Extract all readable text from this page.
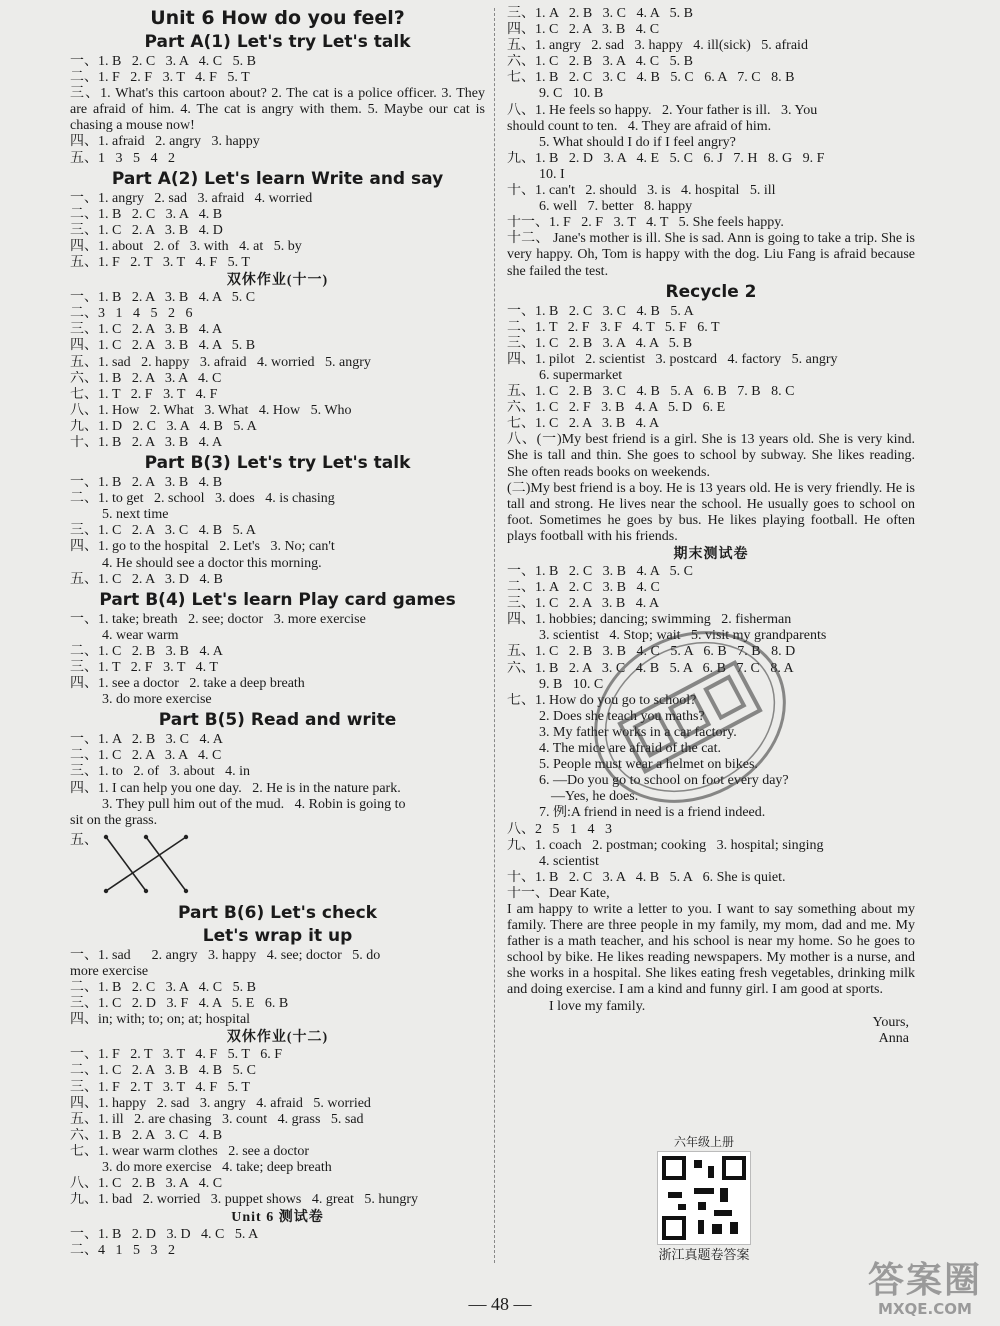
Unit 6 How do you feel?
Part A(1) Let's try Let's talk
一、1. B   2. C   3. A   4. C   5. B
二、1. F   2. F   3. T   4. F   5. T
三、1. What's this cartoon about? 2. The cat is a police officer. 3. They are afraid of him. 4. The cat is angry with them. 5. Maybe our cat is chasing a mouse now!
四、1. afraid   2. angry   3. happy
五、1   3   5   4   2
Part A(2) Let's learn Write and say
一、1. angry   2. sad   3. afraid   4. worried
二、1. B   2. C   3. A   4. B
三、1. C   2. A   3. B   4. D
四、1. about   2. of   3. with   4. at   5. by
五、1. F   2. T   3. T   4. F   5. T
双休作业(十一)
一、1. B   2. A   3. B   4. A   5. C
二、3   1   4   5   2   6
三、1. C   2. A   3. B   4. A
四、1. C   2. A   3. B   4. A   5. B
五、1. sad   2. happy   3. afraid   4. worried   5. angry
六、1. B   2. A   3. A   4. C
七、1. T   2. F   3. T   4. F
八、1. How   2. What   3. What   4. How   5. Who
九、1. D   2. C   3. A   4. B   5. A
十、1. B   2. A   3. B   4. A
Part B(3) Let's try Let's talk
一、1. B   2. A   3. B   4. B
二、1. to get   2. school   3. does   4. is chasing
5. next time
三、1. C   2. A   3. C   4. B   5. A
四、1. go to the hospital   2. Let's   3. No; can't
4. He should see a doctor this morning.
五、1. C   2. A   3. D   4. B
Part B(4) Let's learn Play card games
一、1. take; breath   2. see; doctor   3. more exercise
4. wear warm
二、1. C   2. B   3. B   4. A
三、1. T   2. F   3. T   4. T
四、1. see a doctor   2. take a deep breath
3. do more exercise
Part B(5) Read and write
一、1. A   2. B   3. C   4. A
二、1. C   2. A   3. A   4. C
三、1. to   2. of   3. about   4. in
四、1. I can help you one day.   2. He is in the nature park.
3. They pull him out of the mud.   4. Robin is going to
sit on the grass.
五、
Part B(6) Let's check
Let's wrap it up
一、1. sad      2. angry   3. happy   4. see; doctor   5. do
more exercise
二、1. B   2. C   3. A   4. C   5. B
三、1. C   2. D   3. F   4. A   5. E   6. B
四、in; with; to; on; at; hospital
双休作业(十二)
一、1. F   2. T   3. T   4. F   5. T   6. F
二、1. C   2. A   3. B   4. B   5. C
三、1. F   2. T   3. T   4. F   5. T
四、1. happy   2. sad   3. angry   4. afraid   5. worried
五、1. ill   2. are chasing   3. count   4. grass   5. sad
六、1. B   2. A   3. C   4. B
七、1. wear warm clothes   2. see a doctor
3. do more exercise   4. take; deep breath
八、1. C   2. B   3. A   4. C
九、1. bad   2. worried   3. puppet shows   4. great   5. hungry
Unit 6 测试卷
一、1. B   2. D   3. D   4. C   5. A
二、4   1   5   3   2
三、1. A   2. B   3. C   4. A   5. B
四、1. C   2. A   3. B   4. C
五、1. angry   2. sad   3. happy   4. ill(sick)   5. afraid
六、1. C   2. B   3. A   4. C   5. B
七、1. B   2. C   3. C   4. B   5. C   6. A   7. C   8. B
9. C   10. B
八、1. He feels so happy.   2. Your father is ill.   3. You
should count to ten.   4. They are afraid of him.
5. What should I do if I feel angry?
九、1. B   2. D   3. A   4. E   5. C   6. J   7. H   8. G   9. F
10. I
十、1. can't   2. should   3. is   4. hospital   5. ill
6. well   7. better   8. happy
十一、1. F   2. F   3. T   4. T   5. She feels happy.
十二、 Jane's mother is ill. She is sad. Ann is going to take a trip. She is very happy. Oh, Tom is happy with the dog. Liu Fang is afraid because she failed the test.
Recycle 2
一、1. B   2. C   3. C   4. B   5. A
二、1. T   2. F   3. F   4. T   5. F   6. T
三、1. C   2. B   3. A   4. A   5. B
四、1. pilot   2. scientist   3. postcard   4. factory   5. angry
6. supermarket
五、1. C   2. B   3. C   4. B   5. A   6. B   7. B   8. C
六、1. C   2. F   3. B   4. A   5. D   6. E
七、1. C   2. A   3. B   4. A
八、(一)My best friend is a girl. She is 13 years old. She is very kind. She is tall and thin. She goes to school by subway. She likes reading. She often reads books on weekends.
(二)My best friend is a boy. He is 13 years old. He is very friendly. He is tall and strong. He lives near the school. He usually goes to school on foot. Sometimes he goes by bus. He likes playing football. He often plays football with his friends.
期末测试卷
一、1. B   2. C   3. B   4. A   5. C
二、1. A   2. C   3. B   4. C
三、1. C   2. A   3. B   4. A
四、1. hobbies; dancing; swimming   2. fisherman
3. scientist   4. Stop; wait   5. visit my grandparents
五、1. C   2. B   3. B   4. C   5. A   6. B   7. B   8. D
六、1. B   2. A   3. C   4. B   5. A   6. B   7. C   8. A
9. B   10. C
七、1. How do you go to school?
2. Does she teach you maths?
3. My father works in a car factory.
4. The mice are afraid of the cat.
5. People must wear a helmet on bikes.
6. —Do you go to school on foot every day?
—Yes, he does.
7. 例:A friend in need is a friend indeed.
八、2   5   1   4   3
九、1. coach   2. postman; cooking   3. hospital; singing
4. scientist
十、1. B   2. C   3. A   4. B   5. A   6. She is quiet.
十一、Dear Kate,
I am happy to write a letter to you. I want to say something about my family. There are three people in my family, my mom, dad and me. My father is a math teacher, and his school is near my home. So he goes to school by bike. He likes reading newspapers. My mother is a nurse, and she works in a hospital. She likes eating fresh vegetables, drinking milk and doing exercise. I am a kind and funny girl. I am good at sports.
I love my family.
Yours,
Anna
六年级上册
浙江真题卷答案
— 48 —
答案圈
MXQE.COM
